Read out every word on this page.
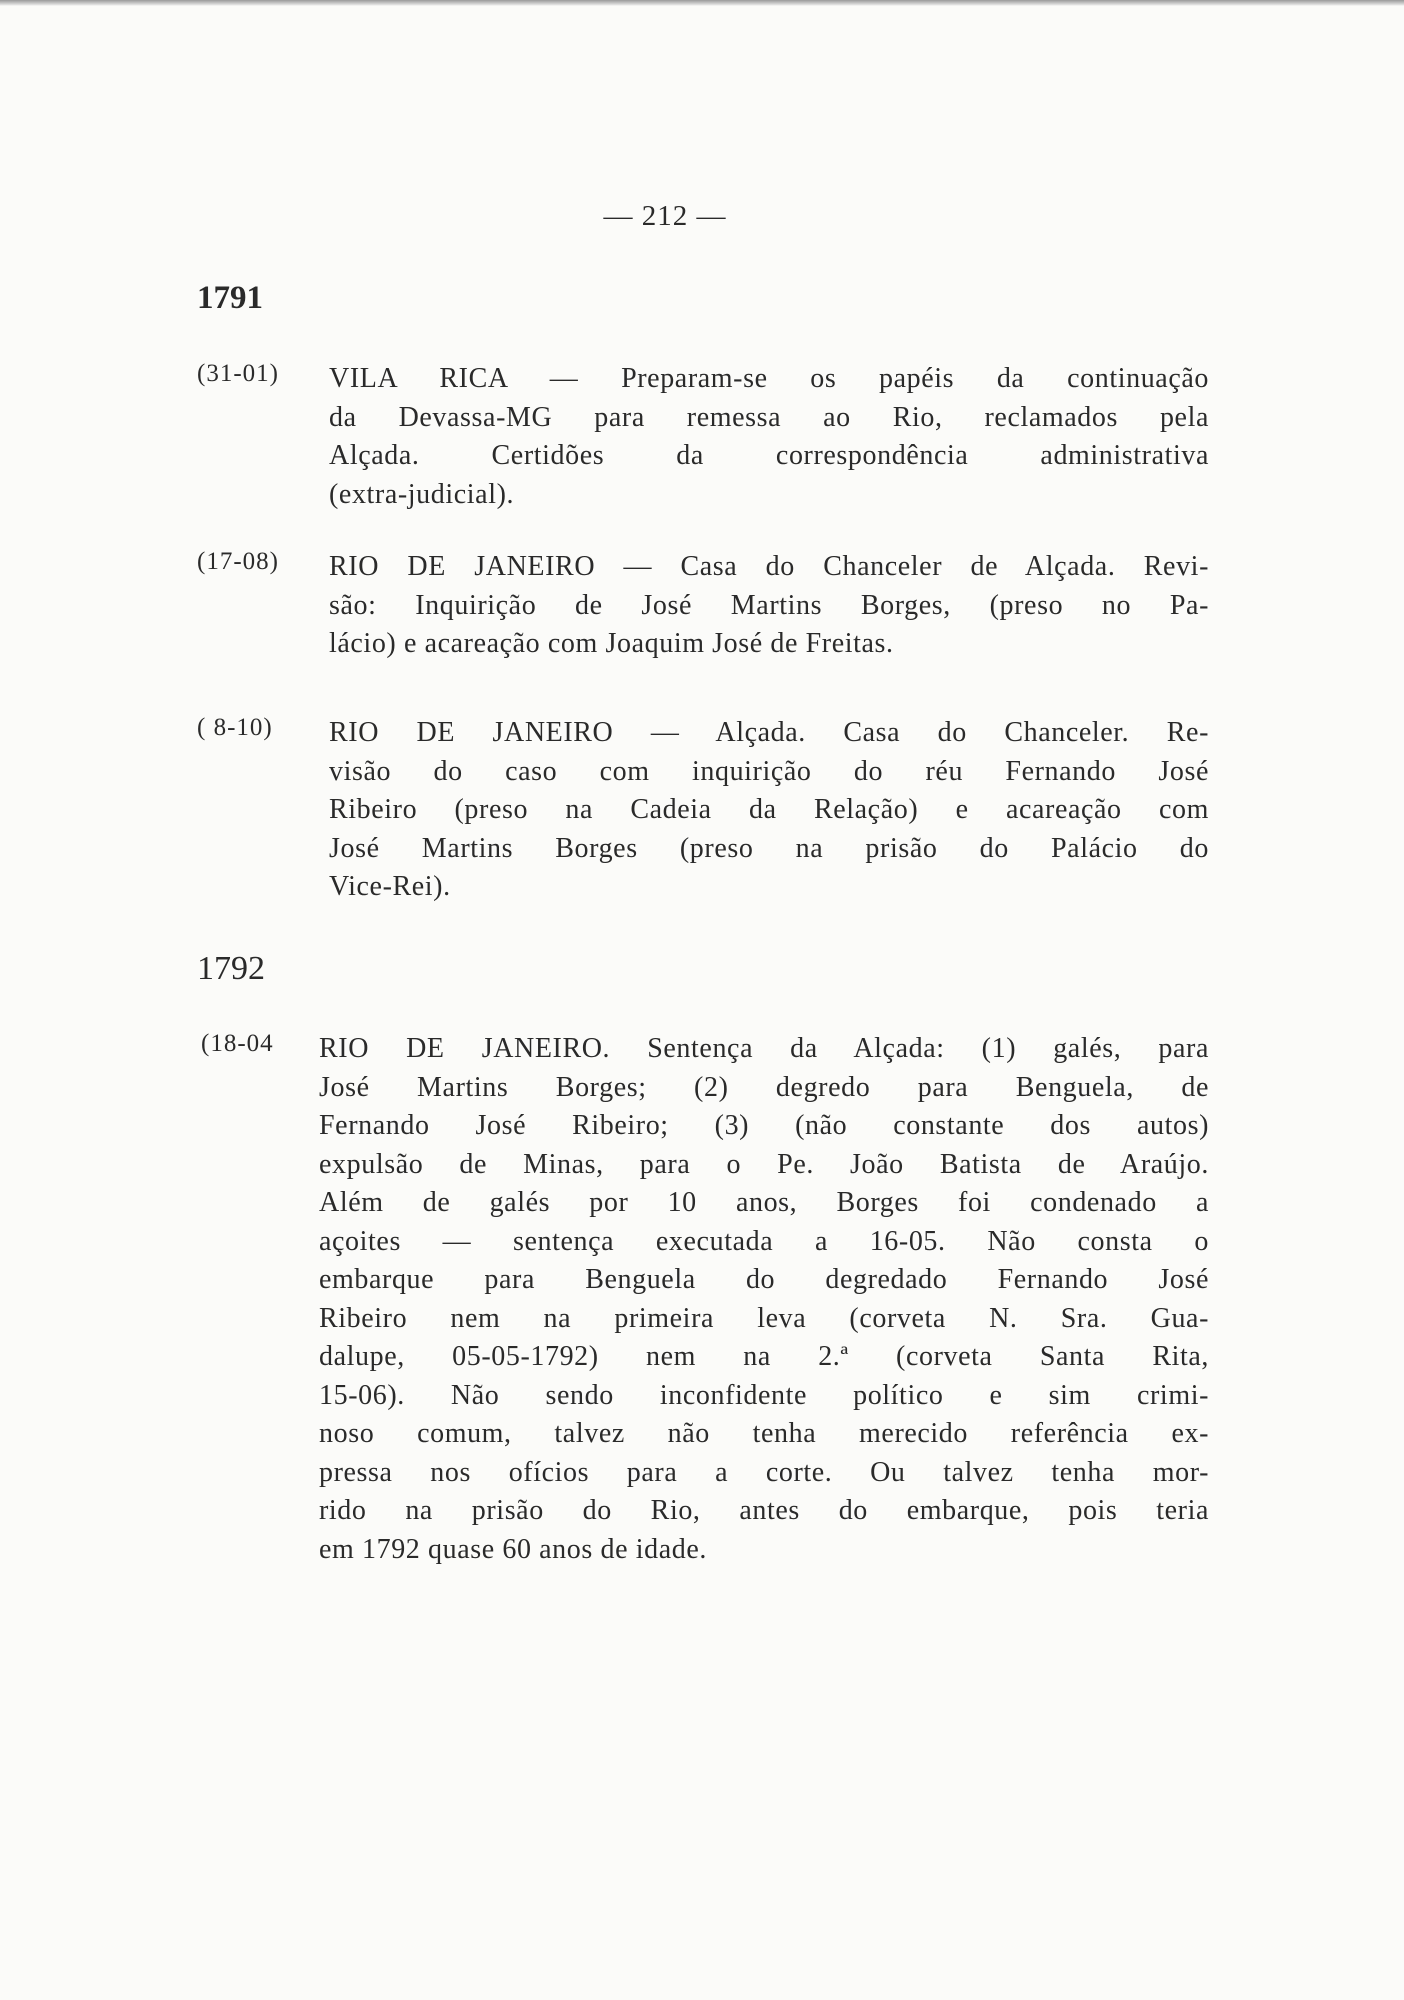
— 212 —
1791
(31-01) VILA RICA — Preparam-se os papéis da continuação
da Devassa-MG para remessa ao Rio, reclamados pela
Alçada. Certidões da correspondência administrativa
(extra-judicial).
(17-08) RIO DE JANEIRO — Casa do Chanceler de Alçada. Revi-
são: Inquirição de José Martins Borges, (preso no Pa-
lácio) e acareação com Joaquim José de Freitas.
( 8-10) RIO DE JANEIRO — Alçada. Casa do Chanceler. Re-
visão do caso com inquirição do réu Fernando José
Ribeiro (preso na Cadeia da Relação) e acareação com
José Martins Borges (preso na prisão do Palácio do
Vice-Rei).
1792
(18-04 RIO DE JANEIRO. Sentença da Alçada: (1) galés, para
José Martins Borges; (2) degredo para Benguela, de
Fernando José Ribeiro; (3) (não constante dos autos)
expulsão de Minas, para o Pe. João Batista de Araújo.
Além de galés por 10 anos, Borges foi condenado a
açoites — sentença executada a 16-05. Não consta o
embarque para Benguela do degredado Fernando José
Ribeiro nem na primeira leva (corveta N. Sra. Gua-
dalupe, 05-05-1792) nem na 2.ª (corveta Santa Rita,
15-06). Não sendo inconfidente político e sim crimi-
noso comum, talvez não tenha merecido referência ex-
pressa nos ofícios para a corte. Ou talvez tenha mor-
rido na prisão do Rio, antes do embarque, pois teria
em 1792 quase 60 anos de idade.
